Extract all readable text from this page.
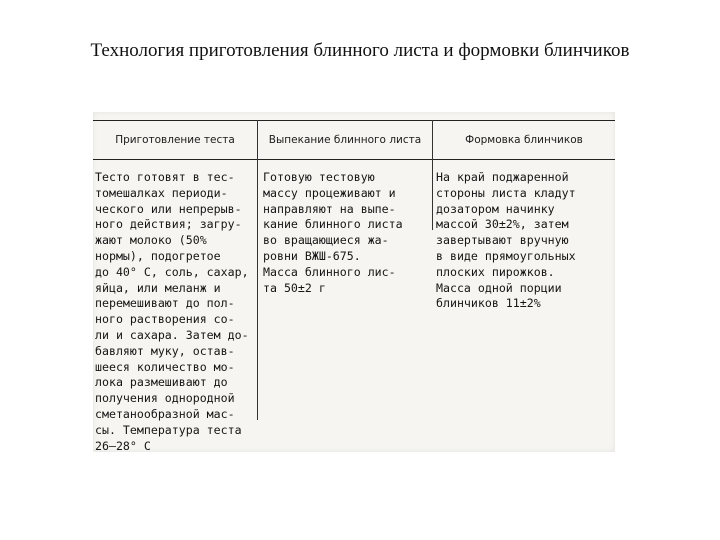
Технология приготовления блинного листа и формовки блинчиков
Приготовление теста	Выпекание блинного листа	Формовка блинчиков
Тесто готовят в тес-
томешалках периоди-
ческого или непрерыв-
ного действия; загру-
жают молоко (50%
нормы), подогретое
до 40° С, соль, сахар,
яйца, или меланж и
перемешивают до пол-
ного растворения со-
ли и сахара. Затем до-
бавляют муку, остав-
шееся количество мо-
лока размешивают до
получения однородной
сметанообразной мас-
сы. Температура теста
26—28° С
Готовую тестовую
массу процеживают и
направляют на выпе-
кание блинного листа
во вращающиеся жа-
ровни ВЖШ-675.
Масса блинного лис-
та 50±2 г
На край поджаренной
стороны листа кладут
дозатором начинку
массой 30±2%, затем
завертывают вручную
в виде прямоугольных
плоских пирожков.
Масса одной порции
блинчиков 11±2%
